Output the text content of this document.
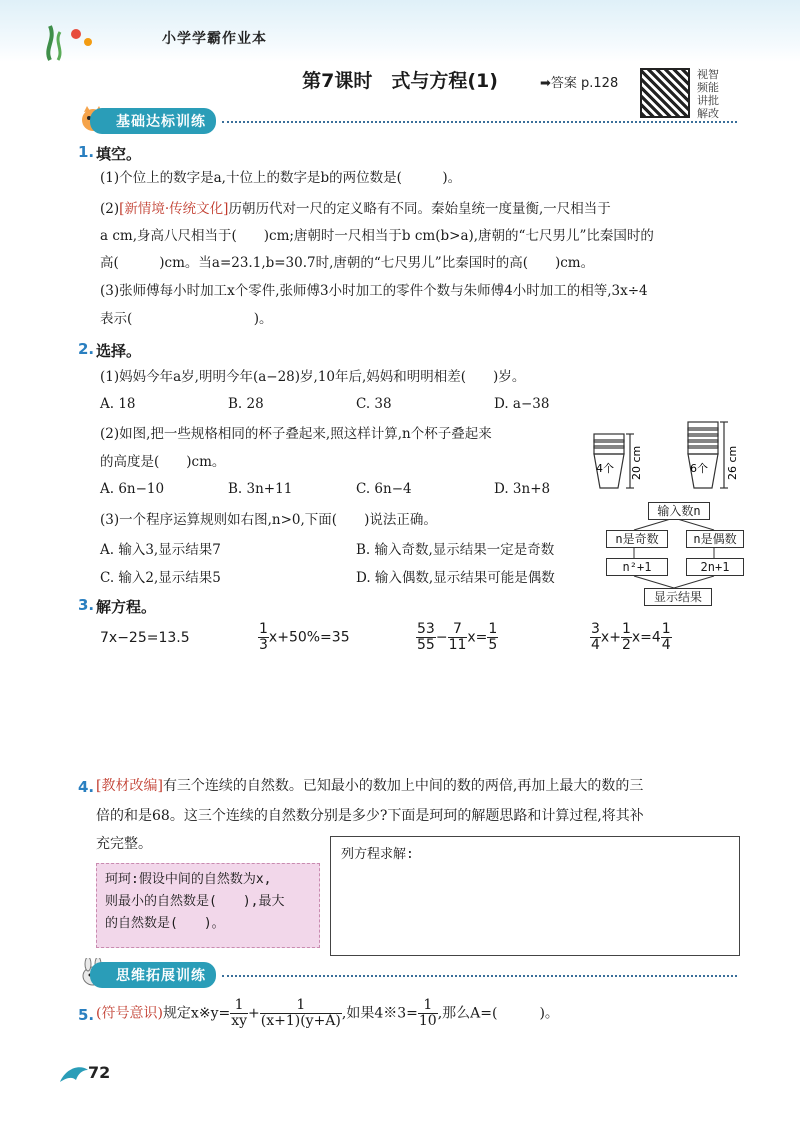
小学学霸作业本
第7课时　式与方程(1)	➡答案 p.128
视智频能讲批解改
基础达标训练
1. 填空。
(1)个位上的数字是a,十位上的数字是b的两位数是(　　　)。
(2)[新情境·传统文化]历朝历代对一尺的定义略有不同。秦始皇统一度量衡,一尺相当于
a cm,身高八尺相当于(　　)cm;唐朝时一尺相当于b cm(b>a),唐朝的“七尺男儿”比秦国时的
高(　　　)cm。当a=23.1,b=30.7时,唐朝的“七尺男儿”比秦国时的高(　　)cm。
(3)张师傅每小时加工x个零件,张师傅3小时加工的零件个数与朱师傅4小时加工的相等,3x÷4
表示(　　　　　　　　　)。
2. 选择。
(1)妈妈今年a岁,明明今年(a−28)岁,10年后,妈妈和明明相差(　　)岁。
A. 18	B. 28	C. 38	D. a−38
(2)如图,把一些规格相同的杯子叠起来,照这样计算,n个杯子叠起来
的高度是(　　)cm。
A. 6n−10	B. 3n+11	C. 6n−4	D. 3n+8
4个 20 cm	6个 26 cm
(3)一个程序运算规则如右图,n>0,下面(　　)说法正确。
A. 输入3,显示结果7	B. 输入奇数,显示结果一定是奇数
C. 输入2,显示结果5	D. 输入偶数,显示结果可能是偶数
输入数n
n是奇数	n是偶数
n²+1	2n+1
显示结果
3. 解方程。
7x−25=13.5	$\frac{1}{3} x+50\%=35$	$\frac{53}{55} - \frac{7}{11} x= \frac{1}{5}$	$\frac{3}{4} x+ \frac{1}{2} x=4 \frac{1}{4}$
4. [教材改编]有三个连续的自然数。已知最小的数加上中间的数的两倍,再加上最大的数的三
倍的和是68。这三个连续的自然数分别是多少?下面是珂珂的解题思路和计算过程,将其补
充完整。
珂珂:假设中间的自然数为x,
则最小的自然数是(　　),最大
的自然数是(　　)。
列方程求解:
思维拓展训练
5. (符号意识)规定x※y= $\frac{1}{xy} + \frac{1}{(x+1)(y+A)}$ ,如果4※3= $\frac{1}{10}$ ,那么A=(　　　)。
72
